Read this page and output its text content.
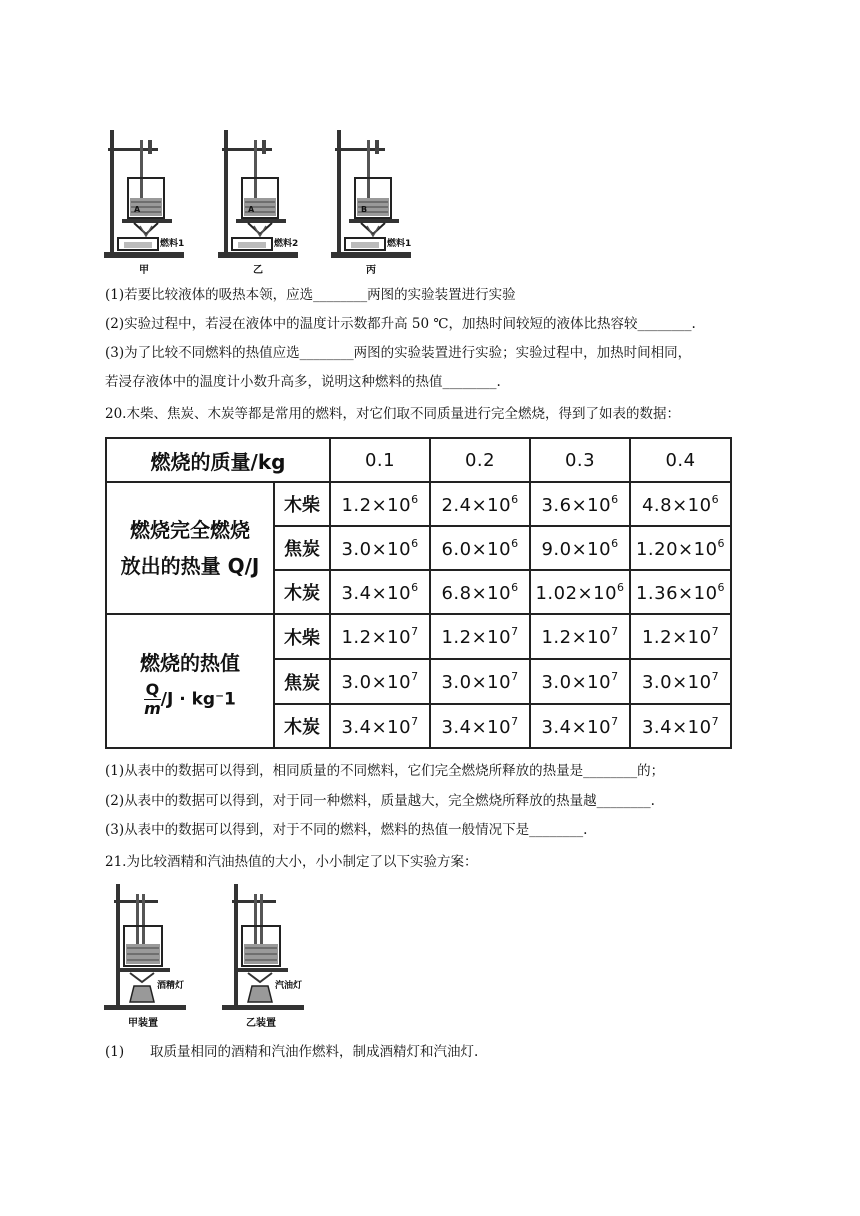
A
燃料1
甲
A
燃料2
乙
B
燃料1
丙
(1)若要比较液体的吸热本领，应选________两图的实验装置进行实验
(2)实验过程中，若浸在液体中的温度计示数都升高 50 ℃，加热时间较短的液体比热容较________.
(3)为了比较不同燃料的热值应选________两图的实验装置进行实验；实验过程中，加热时间相同，
若浸存液体中的温度计小数升高多，说明这种燃料的热值________.
20.木柴、焦炭、木炭等都是常用的燃料，对它们取不同质量进行完全燃烧，得到了如表的数据：
燃烧的质量/kg		0.1	0.2	0.3	0.4

燃烧完全燃烧
放出的热量 Q/J	木柴	$1.2\times 10^6$	$2.4\times 10^6$	$3.6\times 10^6$	$4.8\times 10^6$
	焦炭	$3.0\times 10^6$	$6.0\times 10^6$	$9.0\times 10^6$	$1.20\times 10^6$
	木炭	$3.4\times 10^6$	$6.8\times 10^6$	$1.02\times 10^6$	$1.36\times 10^6$

燃烧的热值
$\frac{Q}{m} /J \cdot kg^-1$	木柴	$1.2\times 10^7$	$1.2\times 10^7$	$1.2\times 10^7$	$1.2\times 10^7$
	焦炭	$3.0\times 10^7$	$3.0\times 10^7$	$3.0\times 10^7$	$3.0\times 10^7$
	木炭	$3.4\times 10^7$	$3.4\times 10^7$	$3.4\times 10^7$	$3.4\times 10^7$
(1)从表中的数据可以得到，相同质量的不同燃料，它们完全燃烧所释放的热量是________的；
(2)从表中的数据可以得到，对于同一种燃料，质量越大，完全燃烧所释放的热量越________.
(3)从表中的数据可以得到，对于不同的燃料，燃料的热值一般情况下是________.
21.为比较酒精和汽油热值的大小，小小制定了以下实验方案：
酒精灯
甲装置
汽油灯
乙装置
(1) 取质量相同的酒精和汽油作燃料，制成酒精灯和汽油灯.
